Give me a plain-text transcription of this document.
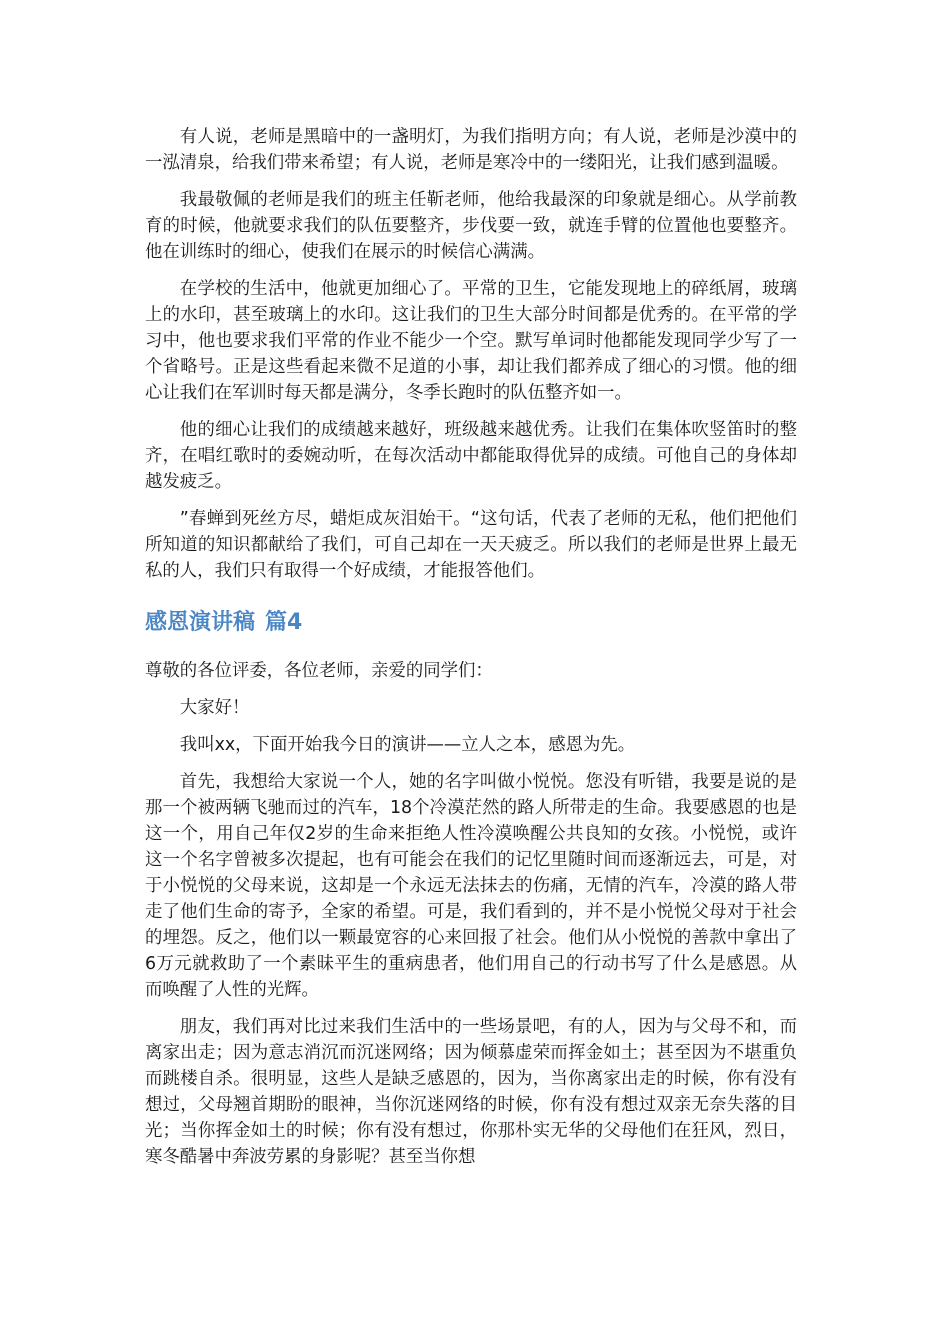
有人说，老师是黑暗中的一盏明灯，为我们指明方向；有人说，老师是沙漠中的一泓清泉，给我们带来希望；有人说，老师是寒冷中的一缕阳光，让我们感到温暖。

我最敬佩的老师是我们的班主任靳老师，他给我最深的印象就是细心。从学前教育的时候，他就要求我们的队伍要整齐，步伐要一致，就连手臂的位置他也要整齐。他在训练时的细心，使我们在展示的时候信心满满。

在学校的生活中，他就更加细心了。平常的卫生，它能发现地上的碎纸屑，玻璃上的水印，甚至玻璃上的水印。这让我们的卫生大部分时间都是优秀的。在平常的学习中，他也要求我们平常的作业不能少一个空。默写单词时他都能发现同学少写了一个省略号。正是这些看起来微不足道的小事，却让我们都养成了细心的习惯。他的细心让我们在军训时每天都是满分，冬季长跑时的队伍整齐如一。

他的细心让我们的成绩越来越好，班级越来越优秀。让我们在集体吹竖笛时的整齐，在唱红歌时的委婉动听，在每次活动中都能取得优异的成绩。可他自己的身体却越发疲乏。

”春蝉到死丝方尽，蜡炬成灰泪始干。“这句话，代表了老师的无私，他们把他们所知道的知识都献给了我们，可自己却在一天天疲乏。所以我们的老师是世界上最无私的人，我们只有取得一个好成绩，才能报答他们。

感恩演讲稿 篇4

尊敬的各位评委，各位老师，亲爱的同学们：

大家好！

我叫xx，下面开始我今日的演讲——立人之本，感恩为先。

首先，我想给大家说一个人，她的名字叫做小悦悦。您没有听错，我要是说的是那一个被两辆飞驰而过的汽车，18个冷漠茫然的路人所带走的生命。我要感恩的也是这一个，用自己年仅2岁的生命来拒绝人性冷漠唤醒公共良知的女孩。小悦悦，或许这一个名字曾被多次提起，也有可能会在我们的记忆里随时间而逐渐远去，可是，对于小悦悦的父母来说，这却是一个永远无法抹去的伤痛，无情的汽车，冷漠的路人带走了他们生命的寄予，全家的希望。可是，我们看到的，并不是小悦悦父母对于社会的埋怨。反之，他们以一颗最宽容的心来回报了社会。他们从小悦悦的善款中拿出了6万元就救助了一个素昧平生的重病患者，他们用自己的行动书写了什么是感恩。从而唤醒了人性的光辉。

朋友，我们再对比过来我们生活中的一些场景吧，有的人，因为与父母不和，而离家出走；因为意志消沉而沉迷网络；因为倾慕虚荣而挥金如土；甚至因为不堪重负而跳楼自杀。很明显，这些人是缺乏感恩的，因为，当你离家出走的时候，你有没有想过，父母翘首期盼的眼神，当你沉迷网络的时候，你有没有想过双亲无奈失落的目光；当你挥金如土的时候；你有没有想过，你那朴实无华的父母他们在狂风，烈日，寒冬酷暑中奔波劳累的身影呢？甚至当你想
